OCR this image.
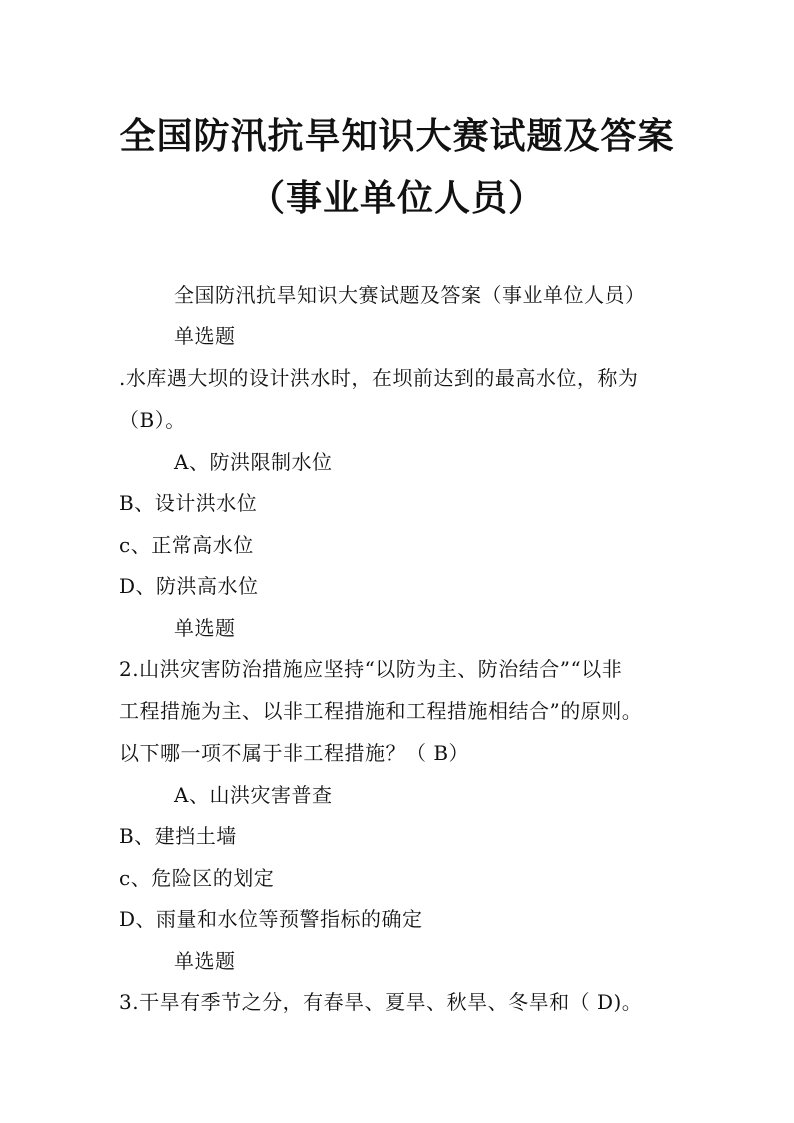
全国防汛抗旱知识大赛试题及答案
（事业单位人员）
全国防汛抗旱知识大赛试题及答案（事业单位人员）
单选题
.水库遇大坝的设计洪水时，在坝前达到的最高水位，称为
（B）。
A、防洪限制水位
B、设计洪水位
c、正常高水位
D、防洪高水位
单选题
2.山洪灾害防治措施应坚持“以防为主、防治结合”“以非
工程措施为主、以非工程措施和工程措施相结合”的原则。
以下哪一项不属于非工程措施？（ B）
A、山洪灾害普查
B、建挡土墙
c、危险区的划定
D、雨量和水位等预警指标的确定
单选题
3.干旱有季节之分，有春旱、夏旱、秋旱、冬旱和（ D)。
